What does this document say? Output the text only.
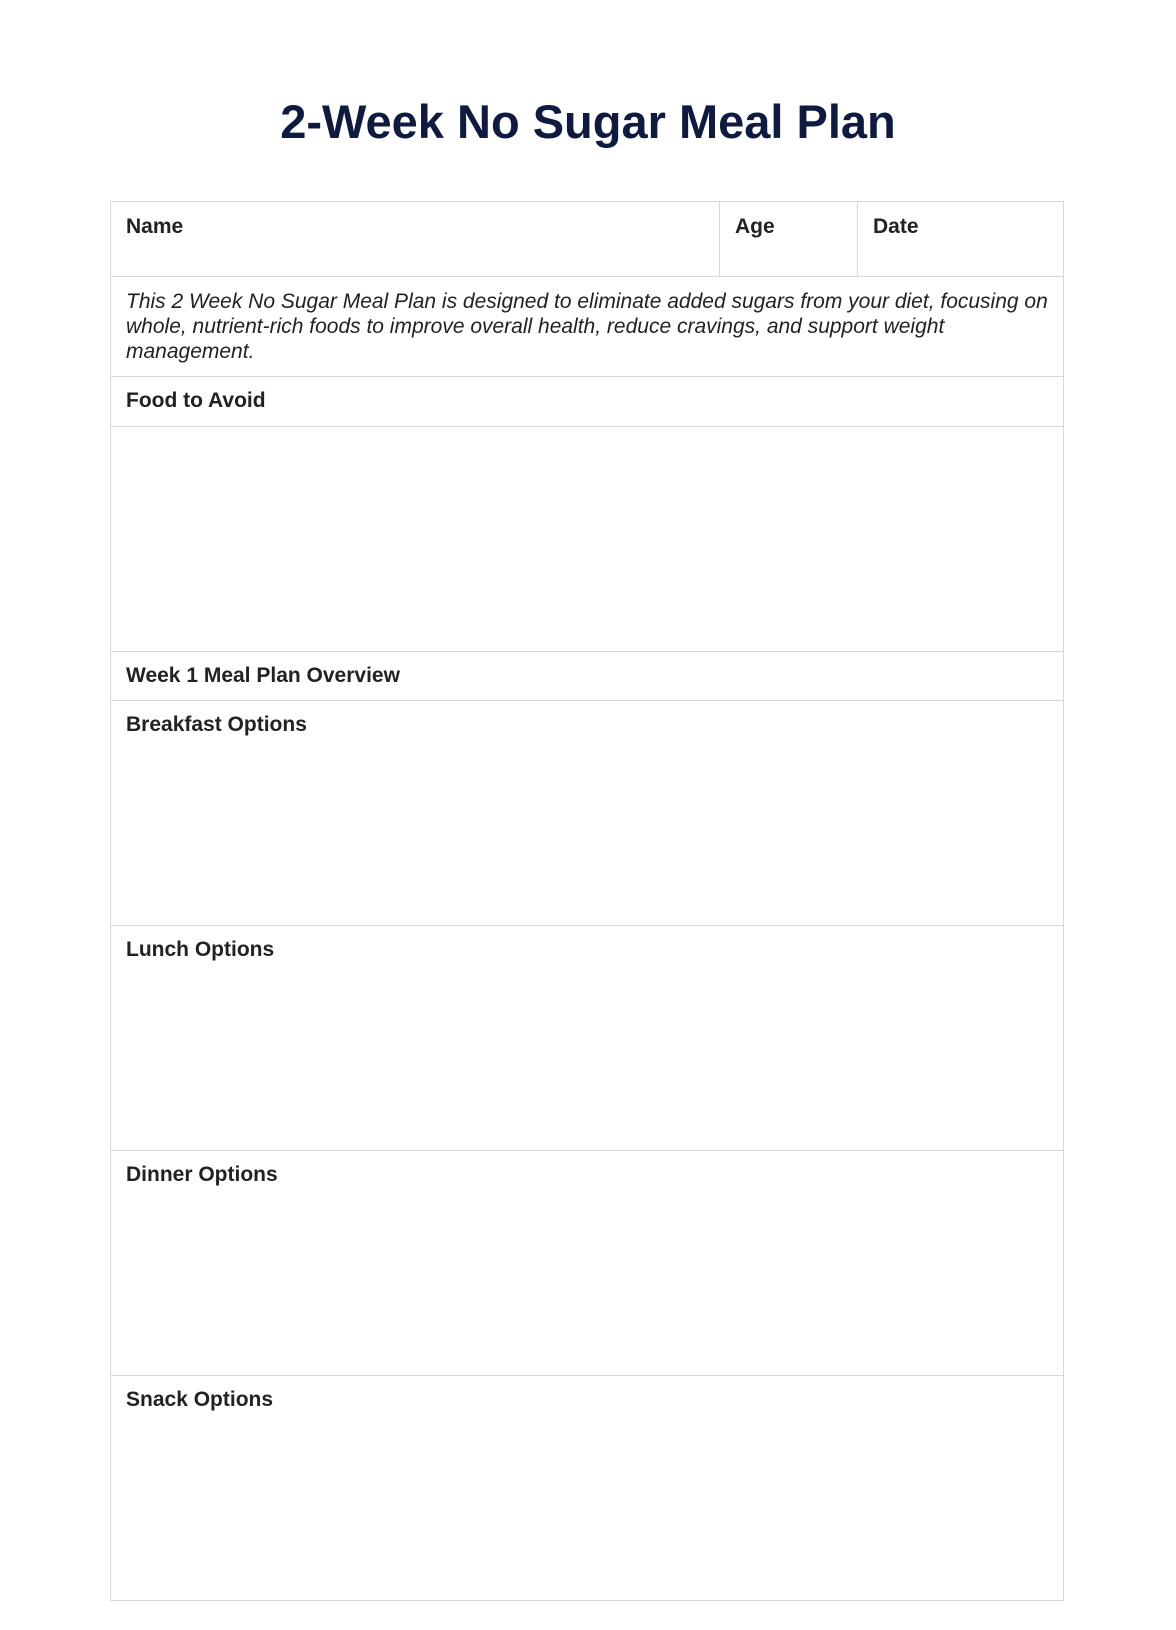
2-Week No Sugar Meal Plan
Name	Age	Date
This 2 Week No Sugar Meal Plan is designed to eliminate added sugars from your diet, focusing on whole, nutrient-rich foods to improve overall health, reduce cravings, and support weight management.
Food to Avoid
Week 1 Meal Plan Overview
Breakfast Options
Lunch Options
Dinner Options
Snack Options
